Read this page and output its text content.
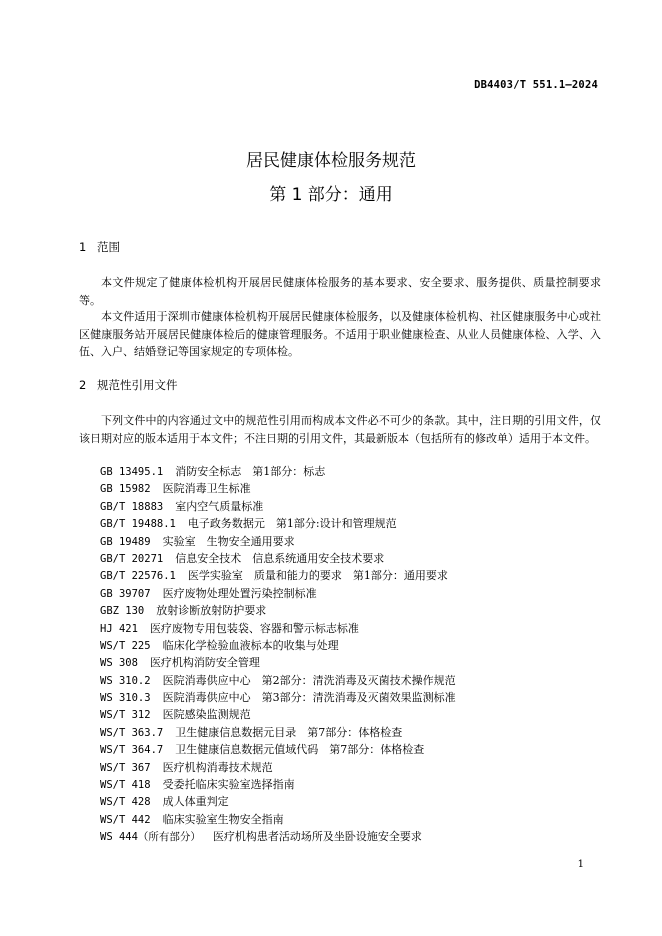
DB4403/T 551.1—2024
居民健康体检服务规范
第 1 部分：通用
1 范围
本文件规定了健康体检机构开展居民健康体检服务的基本要求、安全要求、服务提供、质量控制要求等。
本文件适用于深圳市健康体检机构开展居民健康体检服务，以及健康体检机构、社区健康服务中心或社区健康服务站开展居民健康体检后的健康管理服务。不适用于职业健康检查、从业人员健康体检、入学、入伍、入户、结婚登记等国家规定的专项体检。
2 规范性引用文件
下列文件中的内容通过文中的规范性引用而构成本文件必不可少的条款。其中，注日期的引用文件，仅该日期对应的版本适用于本文件；不注日期的引用文件，其最新版本（包括所有的修改单）适用于本文件。
GB 13495.1 消防安全标志　第1部分：标志
GB 15982 医院消毒卫生标准
GB/T 18883 室内空气质量标准
GB/T 19488.1 电子政务数据元　第1部分:设计和管理规范
GB 19489 实验室　生物安全通用要求
GB/T 20271 信息安全技术　信息系统通用安全技术要求
GB/T 22576.1 医学实验室　质量和能力的要求　第1部分：通用要求
GB 39707 医疗废物处理处置污染控制标准
GBZ 130 放射诊断放射防护要求
HJ 421 医疗废物专用包装袋、容器和警示标志标准
WS/T 225 临床化学检验血液标本的收集与处理
WS 308 医疗机构消防安全管理
WS 310.2 医院消毒供应中心　第2部分：清洗消毒及灭菌技术操作规范
WS 310.3 医院消毒供应中心　第3部分：清洗消毒及灭菌效果监测标准
WS/T 312 医院感染监测规范
WS/T 363.7 卫生健康信息数据元目录　第7部分：体格检查
WS/T 364.7 卫生健康信息数据元值域代码　第7部分：体格检查
WS/T 367 医疗机构消毒技术规范
WS/T 418 受委托临床实验室选择指南
WS/T 428 成人体重判定
WS/T 442 临床实验室生物安全指南
WS 444（所有部分） 医疗机构患者活动场所及坐卧设施安全要求
1
